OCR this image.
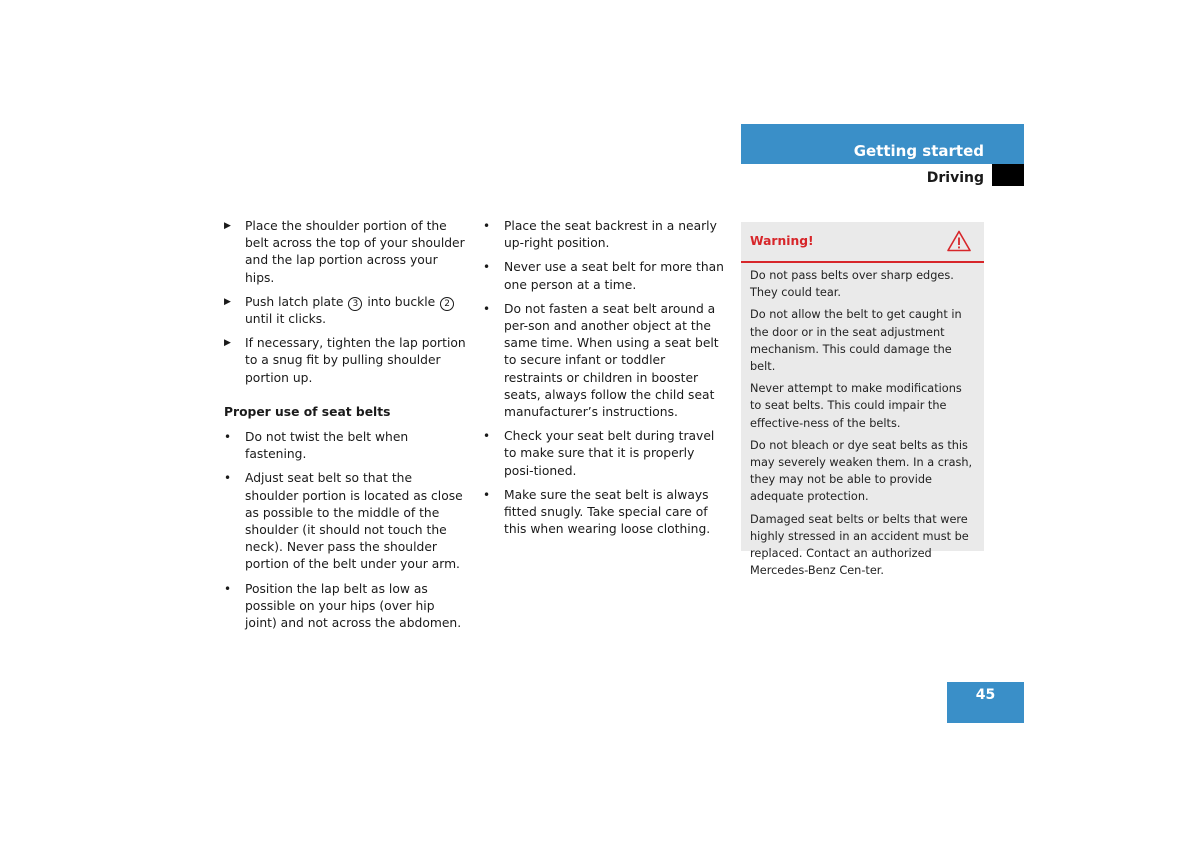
Getting started
Driving
▶	Place the shoulder portion of the belt across the top of your shoulder and the lap portion across your hips.
▶	Push latch plate 3 into buckle 2 until it clicks.
▶	If necessary, tighten the lap portion to a snug fit by pulling shoulder portion up.
Proper use of seat belts
•	Do not twist the belt when fastening.
•	Adjust seat belt so that the shoulder portion is located as close as possible to the middle of the shoulder (it should not touch the neck). Never pass the shoulder portion of the belt under your arm.
•	Position the lap belt as low as possible on your hips (over hip joint) and not across the abdomen.
•	Place the seat backrest in a nearly up-right position.
•	Never use a seat belt for more than one person at a time.
•	Do not fasten a seat belt around a per-son and another object at the same time. When using a seat belt to secure infant or toddler restraints or children in booster seats, always follow the child seat manufacturer’s instructions.
•	Check your seat belt during travel to make sure that it is properly posi-tioned.
•	Make sure the seat belt is always fitted snugly. Take special care of this when wearing loose clothing.
Warning!

Do not pass belts over sharp edges. They could tear.

Do not allow the belt to get caught in the door or in the seat adjustment mechanism. This could damage the belt.

Never attempt to make modifications to seat belts. This could impair the effective-ness of the belts.

Do not bleach or dye seat belts as this may severely weaken them. In a crash, they may not be able to provide adequate protection.

Damaged seat belts or belts that were highly stressed in an accident must be replaced. Contact an authorized Mercedes-Benz Cen-ter.

45
